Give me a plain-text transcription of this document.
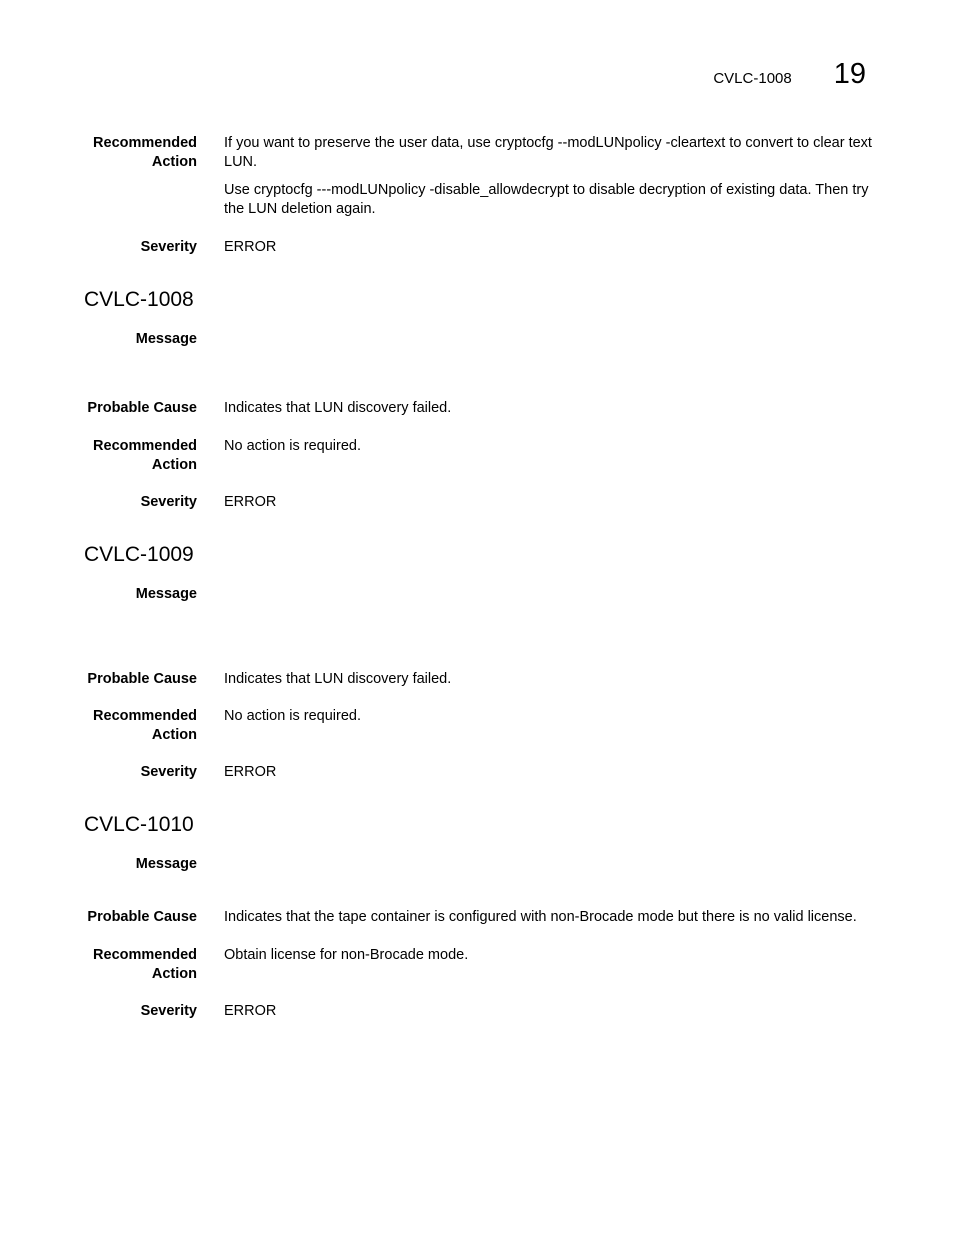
CVLC-1008 19
Recommended Action

If you want to preserve the user data, use cryptocfg --modLUNpolicy -cleartext to convert to clear text LUN.

Use cryptocfg ---modLUNpolicy -disable_allowdecrypt to disable decryption of existing data. Then try the LUN deletion again.

Severity ERROR
CVLC-1008
Message
Probable Cause Indicates that LUN discovery failed.
Recommended Action
No action is required.
Severity ERROR
CVLC-1009
Message
Probable Cause Indicates that LUN discovery failed.
Recommended Action
No action is required.
Severity ERROR
CVLC-1010
Message
Probable Cause Indicates that the tape container is configured with non-Brocade mode but there is no valid license.
Recommended Action
Obtain license for non-Brocade mode.
Severity ERROR
